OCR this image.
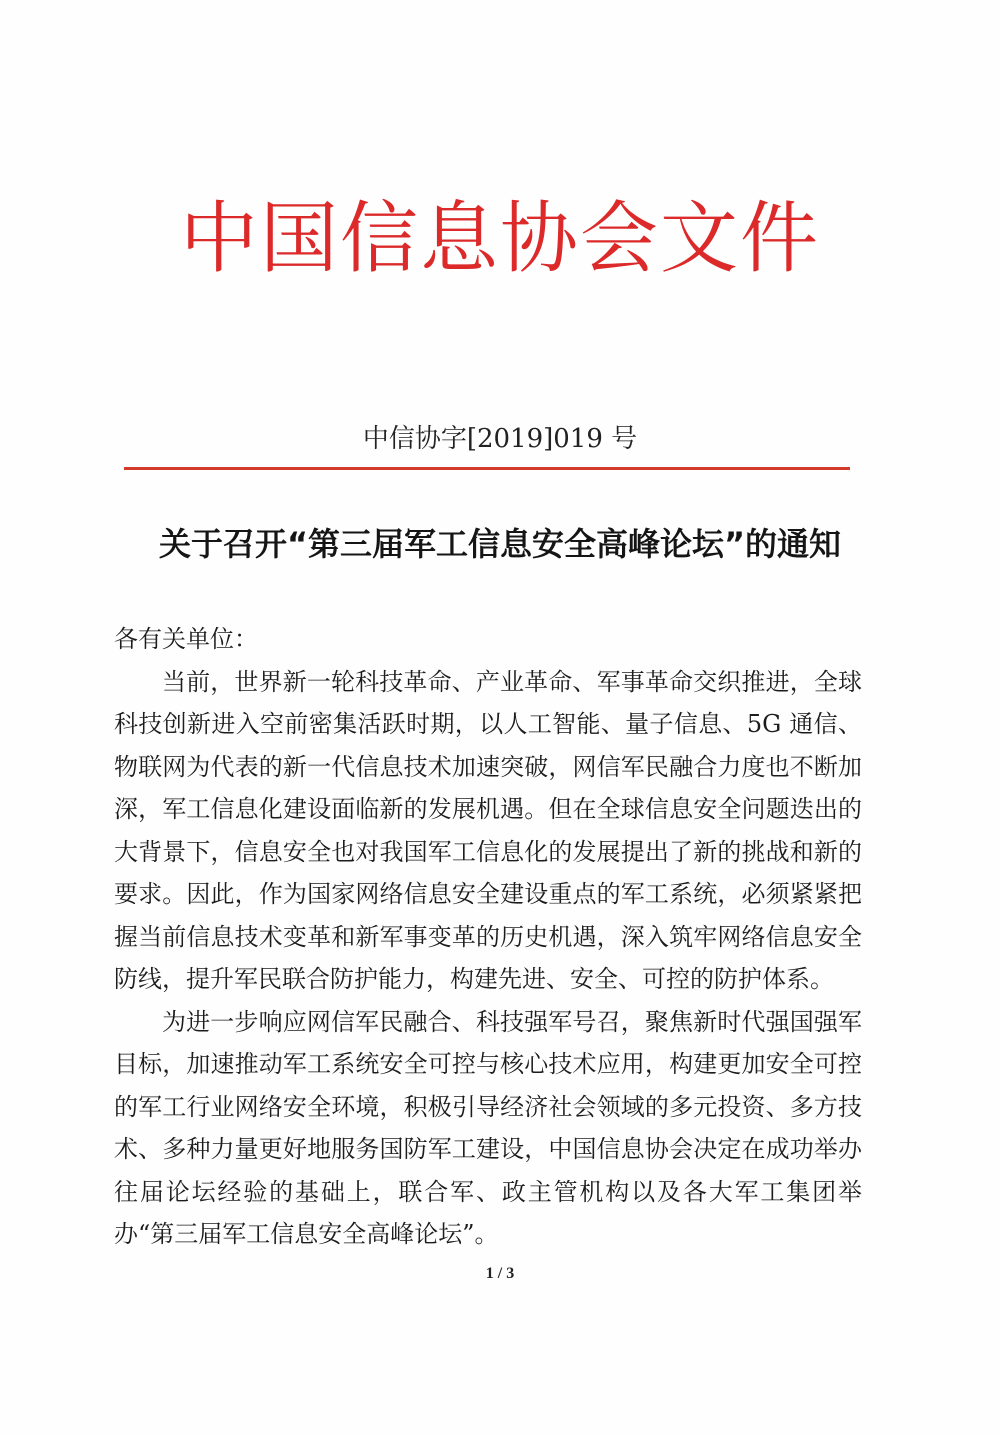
中国信息协会文件
中信协字[2019]019 号
关于召开“第三届军工信息安全高峰论坛”的通知

各有关单位：

当前，世界新一轮科技革命、产业革命、军事革命交织推进，全球科技创新进入空前密集活跃时期，以人工智能、量子信息、5G 通信、物联网为代表的新一代信息技术加速突破，网信军民融合力度也不断加深，军工信息化建设面临新的发展机遇。但在全球信息安全问题迭出的大背景下，信息安全也对我国军工信息化的发展提出了新的挑战和新的要求。因此，作为国家网络信息安全建设重点的军工系统，必须紧紧把握当前信息技术变革和新军事变革的历史机遇，深入筑牢网络信息安全防线，提升军民联合防护能力，构建先进、安全、可控的防护体系。

为进一步响应网信军民融合、科技强军号召，聚焦新时代强国强军目标，加速推动军工系统安全可控与核心技术应用，构建更加安全可控的军工行业网络安全环境，积极引导经济社会领域的多元投资、多方技术、多种力量更好地服务国防军工建设，中国信息协会决定在成功举办往届论坛经验的基础上，联合军、政主管机构以及各大军工集团举办“第三届军工信息安全高峰论坛”。

1 / 3
